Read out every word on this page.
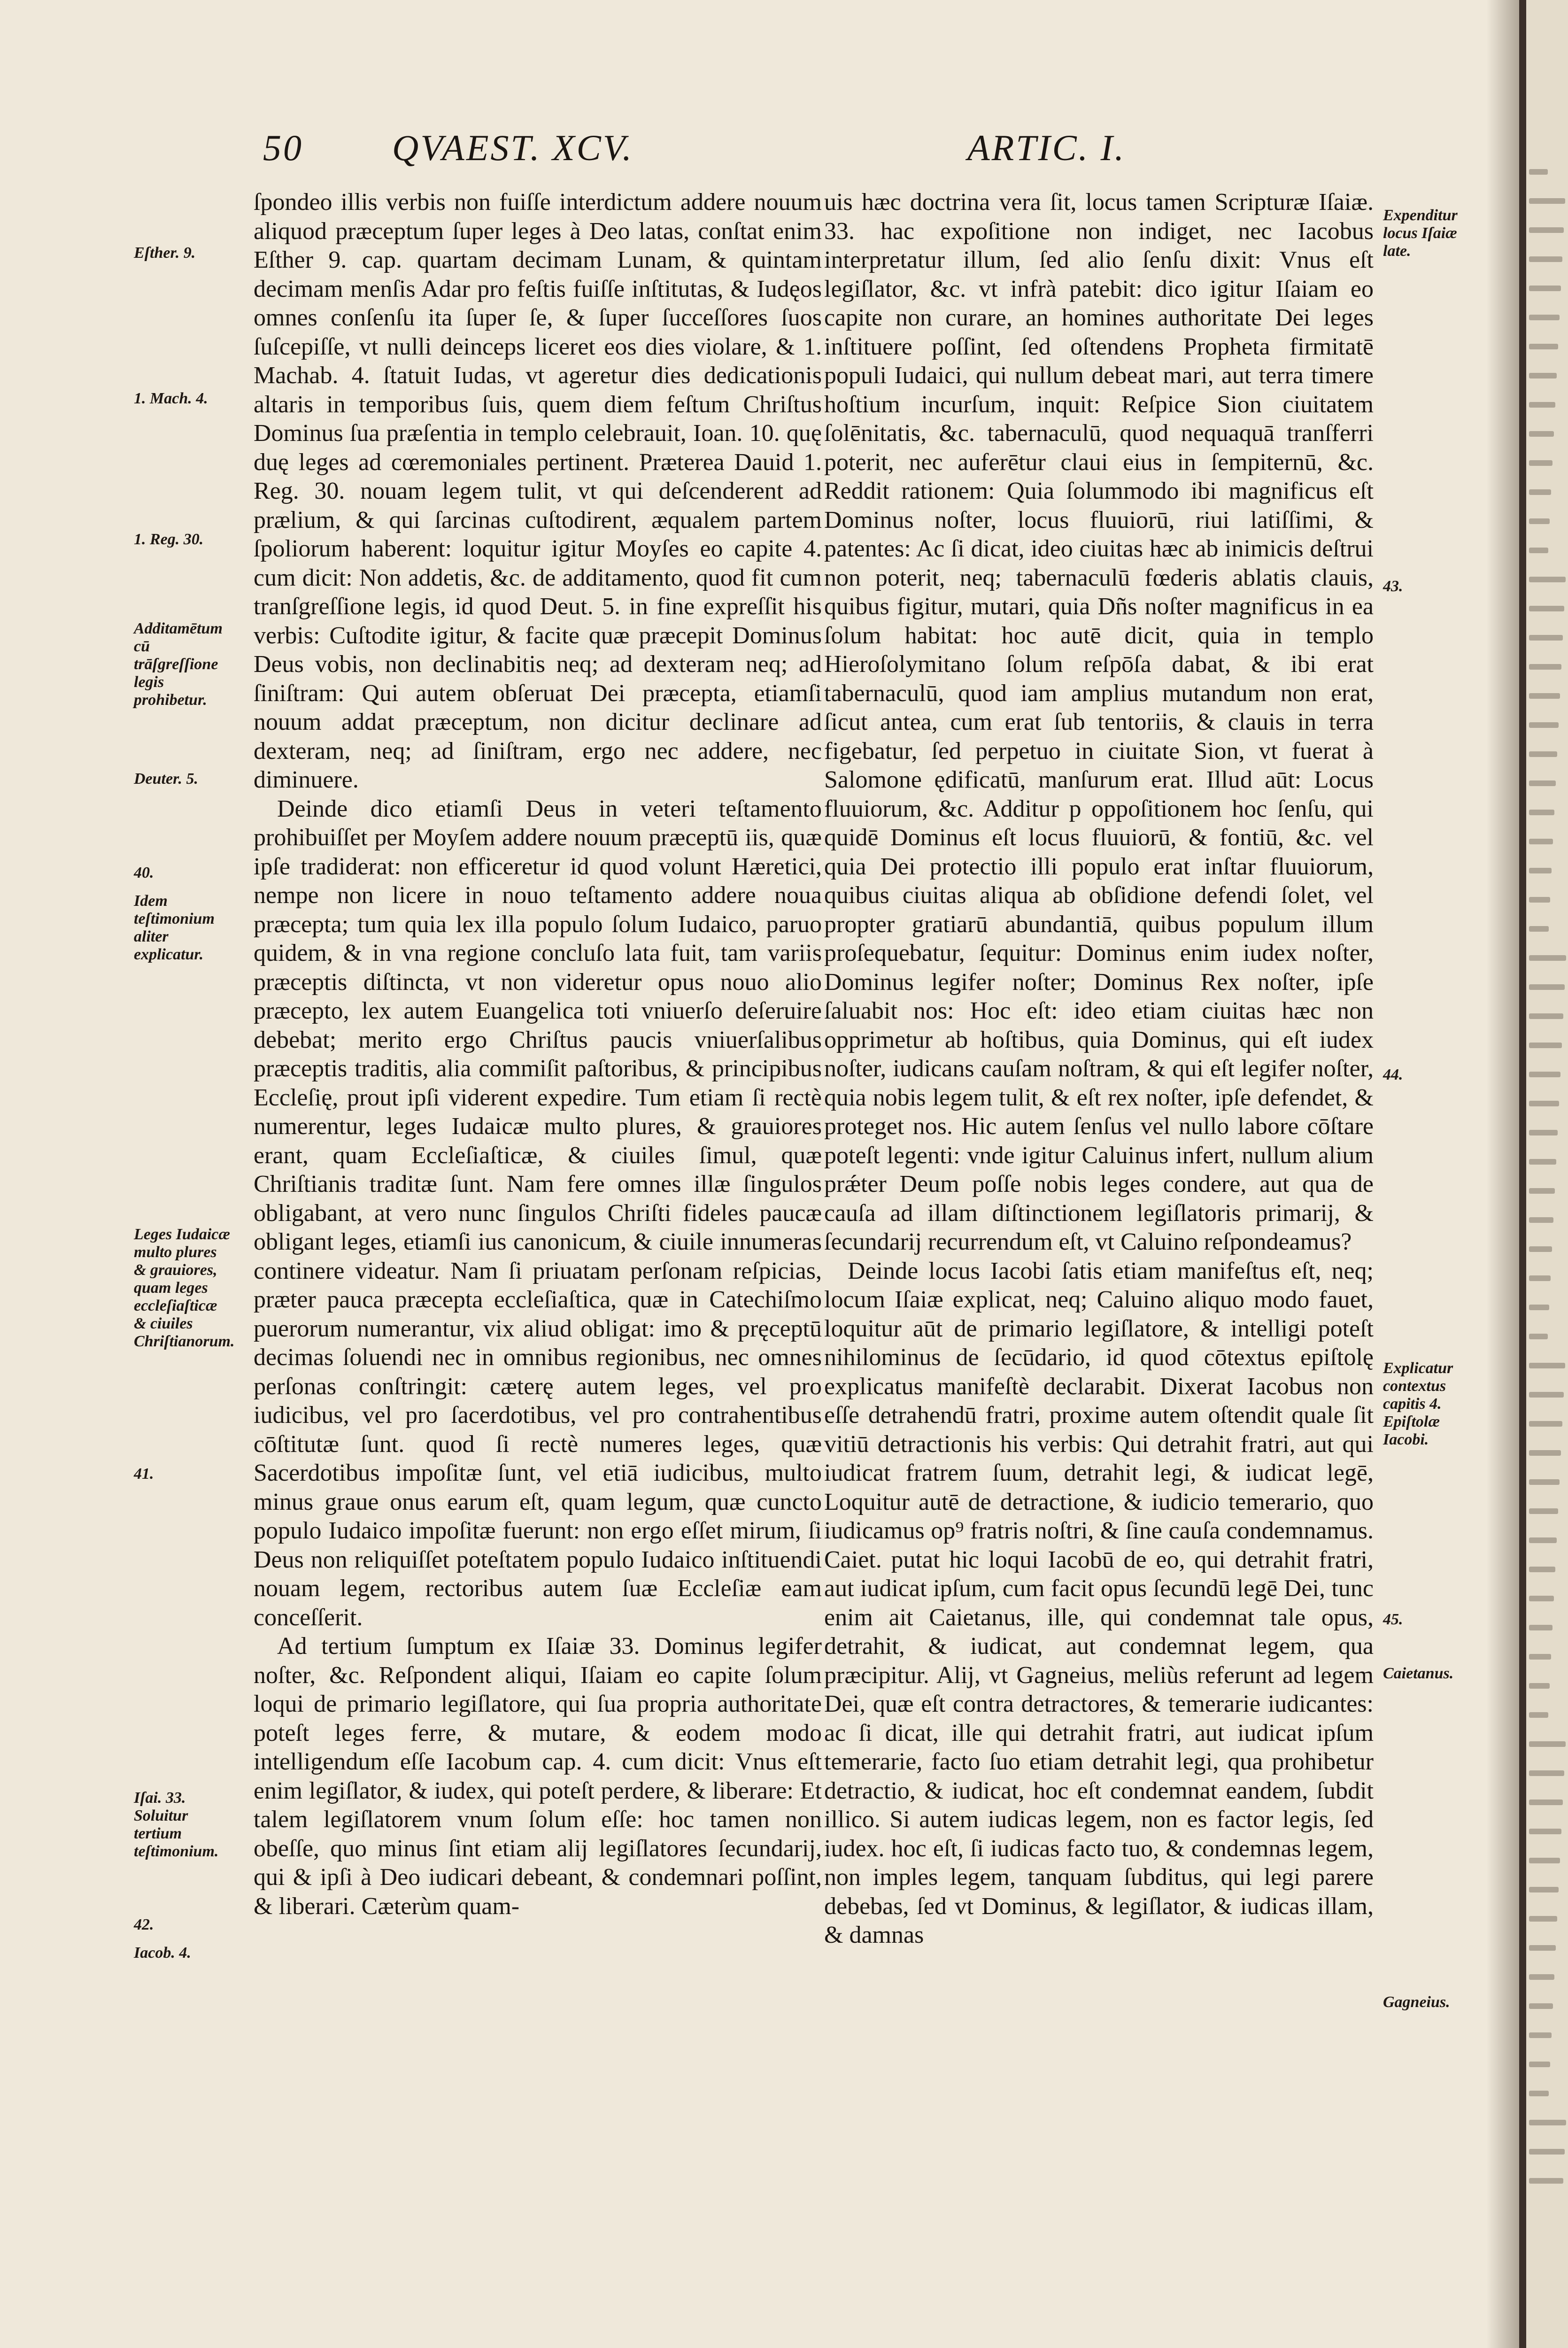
50 QVAEST. XCV.	ARTIC. I.

ſpondeo illis verbis non fuiſſe interdictum addere nouum aliquod præceptum ſuper leges à Deo latas, conſtat enim Eſther 9. cap. quartam decimam Lunam, & quintam decimam menſis Adar pro feſtis fuiſſe inſtitutas, & Iudęos omnes conſenſu ita ſuper ſe, & ſuper ſucceſſores ſuos ſuſcepiſſe, vt nulli deinceps liceret eos dies violare, & 1. Machab. 4. ſtatuit Iudas, vt ageretur dies dedicationis altaris in temporibus ſuis, quem diem feſtum Chriſtus Dominus ſua præſentia in templo celebrauit, Ioan. 10. quę duę leges ad cœremoniales pertinent. Præterea Dauid 1. Reg. 30. nouam legem tulit, vt qui deſcenderent ad prælium, & qui ſarcinas cuſtodirent, æqualem partem ſpoliorum haberent: loquitur igitur Moyſes eo capite 4. cum dicit: Non addetis, &c. de additamento, quod fit cum tranſgreſſione legis, id quod Deut. 5. in fine expreſſit his verbis: Cuſtodite igitur, & facite quæ præcepit Dominus Deus vobis, non declinabitis neq; ad dexteram neq; ad ſiniſtram: Qui autem obſeruat Dei præcepta, etiamſi nouum addat præceptum, non dicitur declinare ad dexteram, neq; ad ſiniſtram, ergo nec addere, nec diminuere.

Deinde dico etiamſi Deus in veteri teſtamento prohibuiſſet per Moyſem addere nouum præceptū iis, quæ ipſe tradiderat: non efficeretur id quod volunt Hæretici, nempe non licere in nouo teſtamento addere noua præcepta; tum quia lex illa populo ſolum Iudaico, paruo quidem, & in vna regione concluſo lata fuit, tam variis præceptis diſtincta, vt non videretur opus nouo alio præcepto, lex autem Euangelica toti vniuerſo deſeruire debebat; merito ergo Chriſtus paucis vniuerſalibus præceptis traditis, alia commiſit paſtoribus, & principibus Eccleſię, prout ipſi viderent expedire. Tum etiam ſi rectè numerentur, leges Iudaicæ multo plures, & grauiores erant, quam Eccleſiaſticæ, & ciuiles ſimul, quæ Chriſtianis traditæ ſunt. Nam fere omnes illæ ſingulos obligabant, at vero nunc ſingulos Chriſti fideles paucæ obligant leges, etiamſi ius canonicum, & ciuile innumeras continere videatur. Nam ſi priuatam perſonam reſpicias, præter pauca præcepta eccleſiaſtica, quæ in Catechiſmo puerorum numerantur, vix aliud obligat: imo & pręceptū decimas ſoluendi nec in omnibus regionibus, nec omnes perſonas conſtringit: cæterę autem leges, vel pro iudicibus, vel pro ſacerdotibus, vel pro contrahentibus cōſtitutæ ſunt. quod ſi rectè numeres leges, quæ Sacerdotibus impoſitæ ſunt, vel etiā iudicibus, multo minus graue onus earum eſt, quam legum, quæ cuncto populo Iudaico impoſitæ fuerunt: non ergo eſſet mirum, ſi Deus non reliquiſſet poteſtatem populo Iudaico inſtituendi nouam legem, rectoribus autem ſuæ Eccleſiæ eam conceſſerit.

Ad tertium ſumptum ex Iſaiæ 33. Dominus legifer noſter, &c. Reſpondent aliqui, Iſaiam eo capite ſolum loqui de primario legiſlatore, qui ſua propria authoritate poteſt leges ferre, & mutare, & eodem modo intelligendum eſſe Iacobum cap. 4. cum dicit: Vnus eſt enim legiſlator, & iudex, qui poteſt perdere, & liberare: Et talem legiſlatorem vnum ſolum eſſe: hoc tamen non obeſſe, quo minus ſint etiam alij legiſlatores ſecundarij, qui & ipſi à Deo iudicari debeant, & condemnari poſſint, & liberari. Cæterùm quam-

uis hæc doctrina vera ſit, locus tamen Scripturæ Iſaiæ. 33. hac expoſitione non indiget, nec Iacobus interpretatur illum, ſed alio ſenſu dixit: Vnus eſt legiſlator, &c. vt infrà patebit: dico igitur Iſaiam eo capite non curare, an homines authoritate Dei leges inſtituere poſſint, ſed oſtendens Propheta firmitatē populi Iudaici, qui nullum debeat mari, aut terra timere hoſtium incurſum, inquit: Reſpice Sion ciuitatem ſolēnitatis, &c. tabernaculū, quod nequaquā tranſferri poterit, nec auferētur claui eius in ſempiternū, &c. Reddit rationem: Quia ſolummodo ibi magnificus eſt Dominus noſter, locus fluuiorū, riui latiſſimi, & patentes: Ac ſi dicat, ideo ciuitas hæc ab inimicis deſtrui non poterit, neq; tabernaculū fœderis ablatis clauis, quibus figitur, mutari, quia Dñs noſter magnificus in ea ſolum habitat: hoc autē dicit, quia in templo Hieroſolymitano ſolum reſpōſa dabat, & ibi erat tabernaculū, quod iam amplius mutandum non erat, ſicut antea, cum erat ſub tentoriis, & clauis in terra figebatur, ſed perpetuo in ciuitate Sion, vt fuerat à Salomone ędificatū, manſurum erat. Illud aūt: Locus fluuiorum, &c. Additur p oppoſitionem hoc ſenſu, qui quidē Dominus eſt locus fluuiorū, & fontiū, &c. vel quia Dei protectio illi populo erat inſtar fluuiorum, quibus ciuitas aliqua ab obſidione defendi ſolet, vel propter gratiarū abundantiā, quibus populum illum proſequebatur, ſequitur: Dominus enim iudex noſter, Dominus legifer noſter; Dominus Rex noſter, ipſe ſaluabit nos: Hoc eſt: ideo etiam ciuitas hæc non opprimetur ab hoſtibus, quia Dominus, qui eſt iudex noſter, iudicans cauſam noſtram, & qui eſt legifer noſter, quia nobis legem tulit, & eſt rex noſter, ipſe defendet, & proteget nos. Hic autem ſenſus vel nullo labore cōſtare poteſt legenti: vnde igitur Caluinus infert, nullum alium prǽter Deum poſſe nobis leges condere, aut qua de cauſa ad illam diſtinctionem legiſlatoris primarij, & ſecundarij recurrendum eſt, vt Caluino reſpondeamus?

Deinde locus Iacobi ſatis etiam manifeſtus eſt, neq; locum Iſaiæ explicat, neq; Caluino aliquo modo fauet, loquitur aūt de primario legiſlatore, & intelligi poteſt nihilominus de ſecūdario, id quod cōtextus epiſtolę explicatus manifeſtè declarabit. Dixerat Iacobus non eſſe detrahendū fratri, proxime autem oſtendit quale ſit vitiū detractionis his verbis: Qui detrahit fratri, aut qui iudicat fratrem ſuum, detrahit legi, & iudicat legē, Loquitur autē de detractione, & iudicio temerario, quo iudicamus op⁹ fratris noſtri, & ſine cauſa condemnamus. Caiet. putat hic loqui Iacobū de eo, qui detrahit fratri, aut iudicat ipſum, cum facit opus ſecundū legē Dei, tunc enim ait Caietanus, ille, qui condemnat tale opus, detrahit, & iudicat, aut condemnat legem, qua præcipitur. Alij, vt Gagneius, meliùs referunt ad legem Dei, quæ eſt contra detractores, & temerarie iudicantes: ac ſi dicat, ille qui detrahit fratri, aut iudicat ipſum temerarie, facto ſuo etiam detrahit legi, qua prohibetur detractio, & iudicat, hoc eſt condemnat eandem, ſubdit illico. Si autem iudicas legem, non es factor legis, ſed iudex. hoc eſt, ſi iudicas facto tuo, & condemnas legem, non imples legem, tanquam ſubditus, qui legi parere debebas, ſed vt Dominus, & legiſlator, & iudicas illam, & damnas

Eſther. 9.
1. Mach. 4.
1. Reg. 30.
Additamētum cū trāſgreſſione legis prohibetur.
Deuter. 5.
40.
Idem teſtimonium aliter explicatur.
Leges Iudaicæ multo plures & grauiores, quam leges eccleſiaſticæ & ciuiles Chriſtianorum.
41.
Iſai. 33. Soluitur tertium teſtimonium.
42.
Iacob. 4.
Expenditur locus Iſaiæ late.
43.
44.
Explicatur contextus capitis 4. Epiſtolæ Iacobi.
45.
Caietanus.
Gagneius.
